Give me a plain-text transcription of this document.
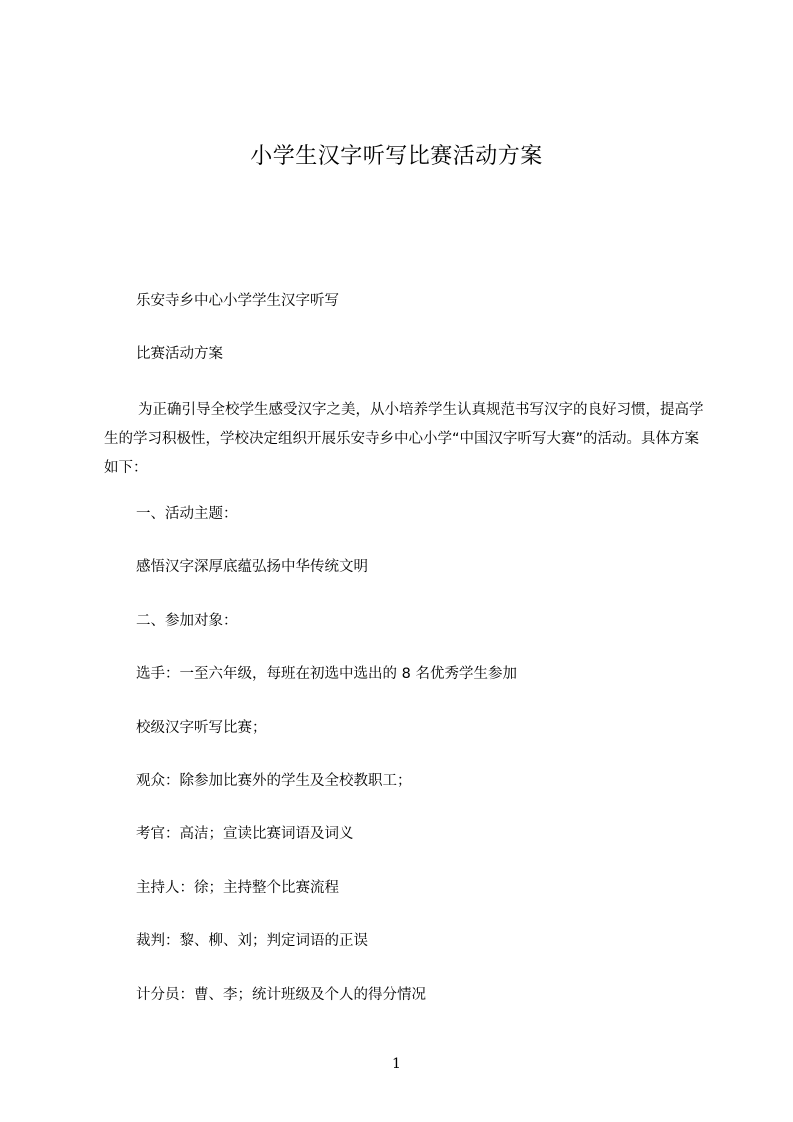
小学生汉字听写比赛活动方案
乐安寺乡中心小学学生汉字听写
比赛活动方案
为正确引导全校学生感受汉字之美，从小培养学生认真规范书写汉字的良好习惯，提高学生的学习积极性，学校决定组织开展乐安寺乡中心小学“中国汉字听写大赛”的活动。具体方案如下：
一、活动主题：
感悟汉字深厚底蕴弘扬中华传统文明
二、参加对象：
选手：一至六年级，每班在初选中选出的 8 名优秀学生参加
校级汉字听写比赛；
观众：除参加比赛外的学生及全校教职工；
考官：高洁；宣读比赛词语及词义
主持人：徐；主持整个比赛流程
裁判：黎、柳、刘；判定词语的正误
计分员：曹、李；统计班级及个人的得分情况
1
